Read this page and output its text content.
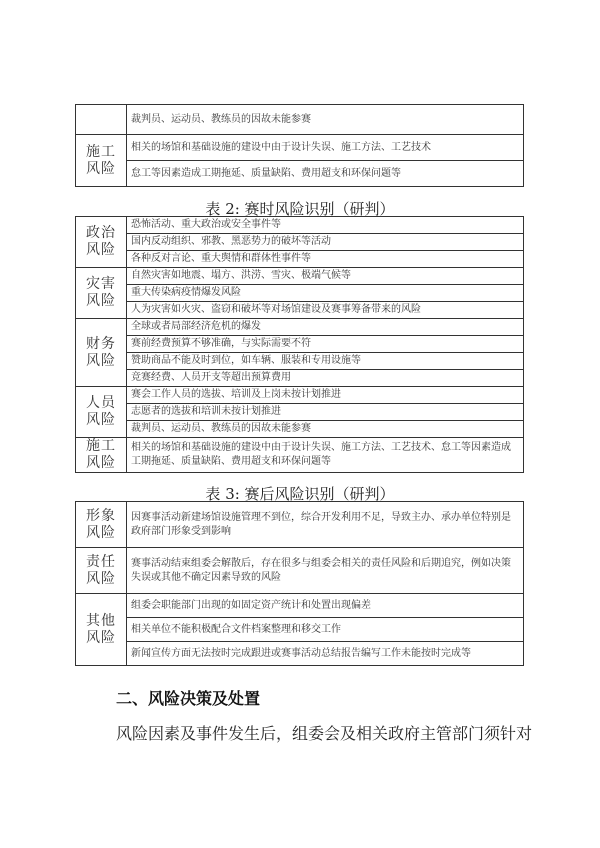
	裁判员、运动员、教练员的因故未能参赛
施工风险	相关的场馆和基础设施的建设中由于设计失误、施工方法、工艺技术
	怠工等因素造成工期拖延、质量缺陷、费用超支和环保问题等
表 2: 赛时风险识别（研判）
政治风险	恐怖活动、重大政治或安全事件等
	国内反动组织、邪教、黑恶势力的破坏等活动
	各种反对言论、重大舆情和群体性事件等
灾害风险	自然灾害如地震、塌方、洪涝、雪灾、极端气候等
	重大传染病疫情爆发风险
	人为灾害如火灾、盗窃和破坏等对场馆建设及赛事筹备带来的风险
财务风险	全球或者局部经济危机的爆发
	赛前经费预算不够准确，与实际需要不符
	赞助商品不能及时到位，如车辆、服装和专用设施等
	竞赛经费、人员开支等超出预算费用
人员风险	赛会工作人员的选拔、培训及上岗未按计划推进
	志愿者的选拔和培训未按计划推进
	裁判员、运动员、教练员的因故未能参赛
施工风险	相关的场馆和基础设施的建设中由于设计失误、施工方法、工艺技术、怠工等因素造成工期拖延、质量缺陷、费用超支和环保问题等
表 3: 赛后风险识别（研判）
形象风险	因赛事活动新建场馆设施管理不到位，综合开发利用不足，导致主办、承办单位特别是政府部门形象受到影响
责任风险	赛事活动结束组委会解散后，存在很多与组委会相关的责任风险和后期追究，例如决策失误或其他不确定因素导致的风险
其他风险	组委会职能部门出现的如固定资产统计和处置出现偏差
	相关单位不能积极配合文件档案整理和移交工作
	新闻宣传方面无法按时完成跟进或赛事活动总结报告编写工作未能按时完成等
二、风险决策及处置
风险因素及事件发生后，组委会及相关政府主管部门须针对
